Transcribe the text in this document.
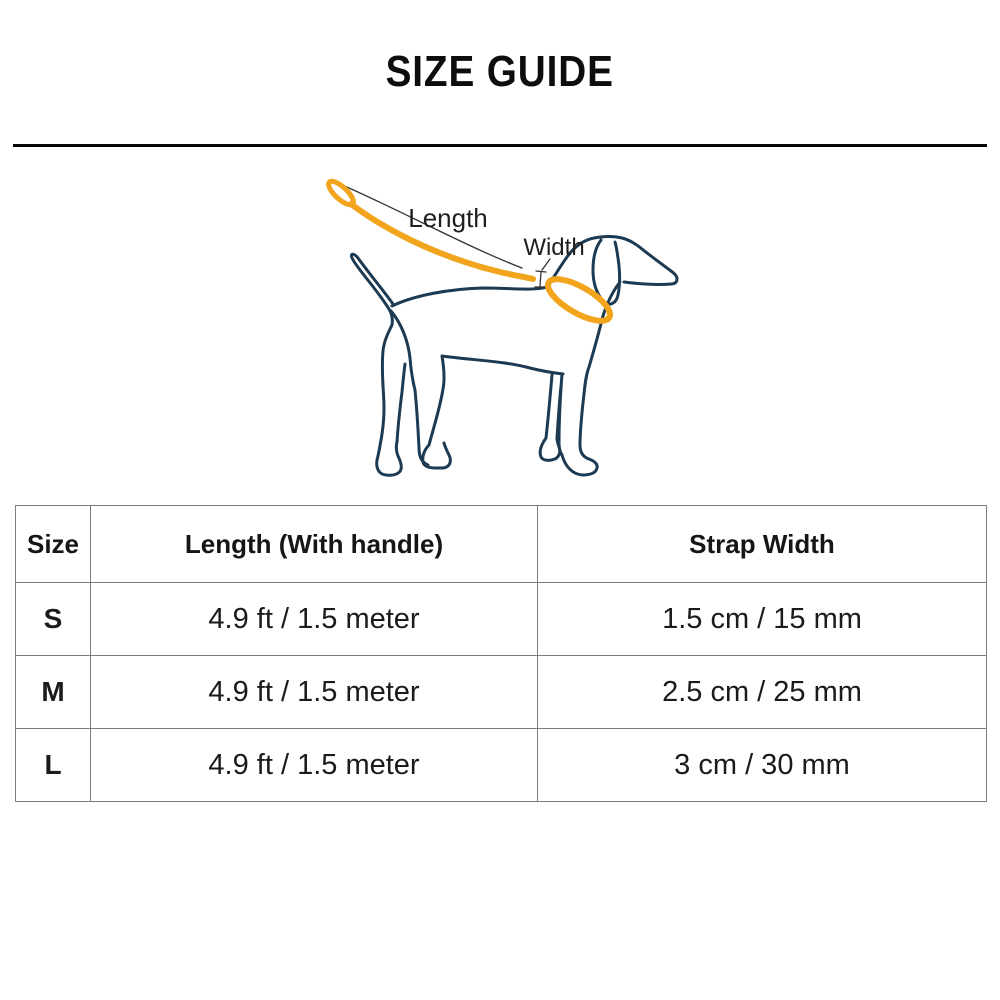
SIZE GUIDE
Length
Width
Size	Length (With handle)	Strap Width
S	4.9 ft / 1.5 meter	1.5 cm / 15 mm
M	4.9 ft / 1.5 meter	2.5 cm / 25 mm
L	4.9 ft / 1.5 meter	3 cm / 30 mm
